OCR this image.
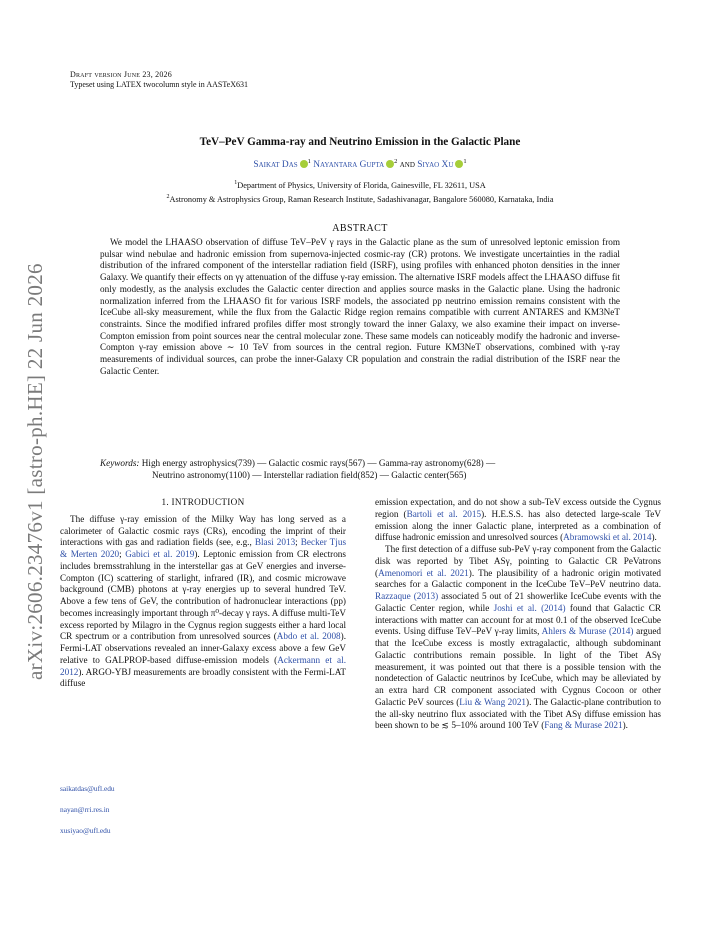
Draft version June 23, 2026
Typeset using LATEX twocolumn style in AASTeX631
arXiv:2606.23476v1 [astro-ph.HE] 22 Jun 2026
TeV–PeV Gamma-ray and Neutrino Emission in the Galactic Plane
Saikat Das $^1$ Nayantara Gupta $^2$ and Siyao Xu $^1$
$^1$Department of Physics, University of Florida, Gainesville, FL 32611, USA
$^2$Astronomy & Astrophysics Group, Raman Research Institute, Sadashivanagar, Bangalore 560080, Karnataka, India
ABSTRACT

We model the LHAASO observation of diffuse TeV–PeV γ rays in the Galactic plane as the sum of unresolved leptonic emission from pulsar wind nebulae and hadronic emission from supernova-injected cosmic-ray (CR) protons. We investigate uncertainties in the radial distribution of the infrared component of the interstellar radiation field (ISRF), using profiles with enhanced photon densities in the inner Galaxy. We quantify their effects on γγ attenuation of the diffuse γ-ray emission. The alternative ISRF models affect the LHAASO diffuse fit only modestly, as the analysis excludes the Galactic center direction and applies source masks in the Galactic plane. Using the hadronic normalization inferred from the LHAASO fit for various ISRF models, the associated pp neutrino emission remains consistent with the IceCube all-sky measurement, while the flux from the Galactic Ridge region remains compatible with current ANTARES and KM3NeT constraints. Since the modified infrared profiles differ most strongly toward the inner Galaxy, we also examine their impact on inverse-Compton emission from point sources near the central molecular zone. These same models can noticeably modify the hadronic and inverse-Compton γ-ray emission above ∼ 10 TeV from sources in the central region. Future KM3NeT observations, combined with γ-ray measurements of individual sources, can probe the inner-Galaxy CR population and constrain the radial distribution of the ISRF near the Galactic Center.

Keywords: High energy astrophysics(739) — Galactic cosmic rays(567) — Gamma-ray astronomy(628) —
Neutrino astronomy(1100) — Interstellar radiation field(852) — Galactic center(565)
1. INTRODUCTION

The diffuse γ-ray emission of the Milky Way has long served as a calorimeter of Galactic cosmic rays (CRs), encoding the imprint of their interactions with gas and radiation fields (see, e.g., Blasi 2013; Becker Tjus & Merten 2020; Gabici et al. 2019). Leptonic emission from CR electrons includes bremsstrahlung in the interstellar gas at GeV energies and inverse-Compton (IC) scattering of starlight, infrared (IR), and cosmic microwave background (CMB) photons at γ-ray energies up to several hundred TeV. Above a few tens of GeV, the contribution of hadronuclear interactions (pp) becomes increasingly important through π⁰-decay γ rays. A diffuse multi-TeV excess reported by Milagro in the Cygnus region suggests either a hard local CR spectrum or a contribution from unresolved sources (Abdo et al. 2008). Fermi-LAT observations revealed an inner-Galaxy excess above a few GeV relative to GALPROP-based diffuse-emission models (Ackermann et al. 2012). ARGO-YBJ measurements are broadly consistent with the Fermi-LAT diffuse

emission expectation, and do not show a sub-TeV excess outside the Cygnus region (Bartoli et al. 2015). H.E.S.S. has also detected large-scale TeV emission along the inner Galactic plane, interpreted as a combination of diffuse hadronic emission and unresolved sources (Abramowski et al. 2014).

The first detection of a diffuse sub-PeV γ-ray component from the Galactic disk was reported by Tibet ASγ, pointing to Galactic CR PeVatrons (Amenomori et al. 2021). The plausibility of a hadronic origin motivated searches for a Galactic component in the IceCube TeV–PeV neutrino data. Razzaque (2013) associated 5 out of 21 showerlike IceCube events with the Galactic Center region, while Joshi et al. (2014) found that Galactic CR interactions with matter can account for at most 0.1 of the observed IceCube events. Using diffuse TeV–PeV γ-ray limits, Ahlers & Murase (2014) argued that the IceCube excess is mostly extragalactic, although subdominant Galactic contributions remain possible. In light of the Tibet ASγ measurement, it was pointed out that there is a possible tension with the nondetection of Galactic neutrinos by IceCube, which may be alleviated by an extra hard CR component associated with Cygnus Cocoon or other Galactic PeV sources (Liu & Wang 2021). The Galactic-plane contribution to the all-sky neutrino flux associated with the Tibet ASγ diffuse emission has been shown to be ≲ 5–10% around 100 TeV (Fang & Murase 2021).

saikatdas@ufl.edu
nayan@rri.res.in
xusiyao@ufl.edu
